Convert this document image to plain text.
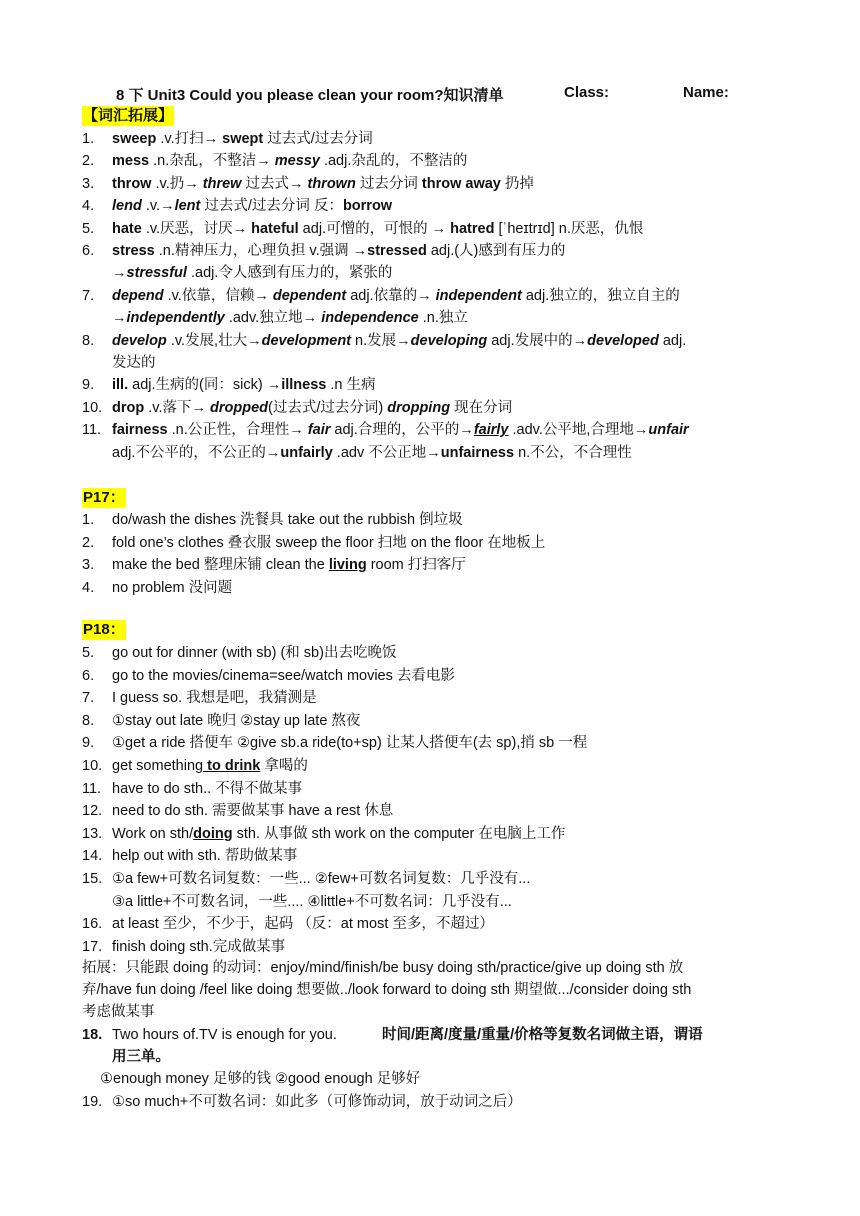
8 下 Unit3 Could you please clean your room?知识清单	Class:	Name:
【词汇拓展】
1. sweep .v.打扫→ swept 过去式/过去分词
2. mess .n.杂乱，不整洁→ messy .adj.杂乱的，不整洁的
3. throw .v.扔→ threw 过去式→ thrown 过去分词 throw away 扔掉
4. lend .v.→lent 过去式/过去分词 反：borrow
5. hate .v.厌恶，讨厌→ hateful adj.可憎的，可恨的 → hatred [ˈheɪtrɪd] n.厌恶，仇恨
6. stress .n.精神压力，心理负担 v.强调 →stressed adj.(人)感到有压力的
→stressful .adj.令人感到有压力的，紧张的
7. depend .v.依靠，信赖→ dependent adj.依靠的→ independent adj.独立的，独立自主的
→independently .adv.独立地→ independence .n.独立
8. develop .v.发展,壮大→development n.发展→developing adj.发展中的→developed adj.
发达的
9. ill. adj.生病的(同：sick) →illness .n 生病
10. drop .v.落下→ dropped(过去式/过去分词) dropping 现在分词
11. fairness .n.公正性，合理性→ fair adj.合理的，公平的→fairly .adv.公平地,合理地→unfair
adj.不公平的，不公正的→unfairly .adv 不公正地→unfairness n.不公，不合理性
P17：
1. do/wash the dishes 洗餐具 take out the rubbish 倒垃圾
2. fold one’s clothes 叠衣服 sweep the floor 扫地 on the floor 在地板上
3. make the bed 整理床铺 clean the living room 打扫客厅
4. no problem 没问题
P18：
5. go out for dinner (with sb) (和 sb)出去吃晚饭
6. go to the movies/cinema=see/watch movies 去看电影
7. I guess so. 我想是吧，我猜测是
8. ①stay out late 晚归 ②stay up late 熬夜
9. ①get a ride 搭便车 ②give sb.a ride(to+sp) 让某人搭便车(去 sp),捎 sb 一程
10. get something to drink 拿喝的
11. have to do sth.. 不得不做某事
12. need to do sth. 需要做某事 have a rest 休息
13. Work on sth/doing sth. 从事做 sth work on the computer 在电脑上工作
14. help out with sth. 帮助做某事
15. ①a few+可数名词复数：一些... ②few+可数名词复数：几乎没有...
③a little+不可数名词，一些.... ④little+不可数名词：几乎没有...
16. at least 至少，不少于，起码 （反：at most 至多，不超过）
17. finish doing sth.完成做某事
拓展：只能跟 doing 的动词：enjoy/mind/finish/be busy doing sth/practice/give up doing sth 放
弃/have fun doing /feel like doing 想要做../look forward to doing sth 期望做.../consider doing sth
考虑做某事
18. Two hours of.TV is enough for you.	时间/距离/度量/重量/价格等复数名词做主语，谓语
用三单。
①enough money 足够的钱 ②good enough 足够好
19. ①so much+不可数名词：如此多（可修饰动词，放于动词之后）
